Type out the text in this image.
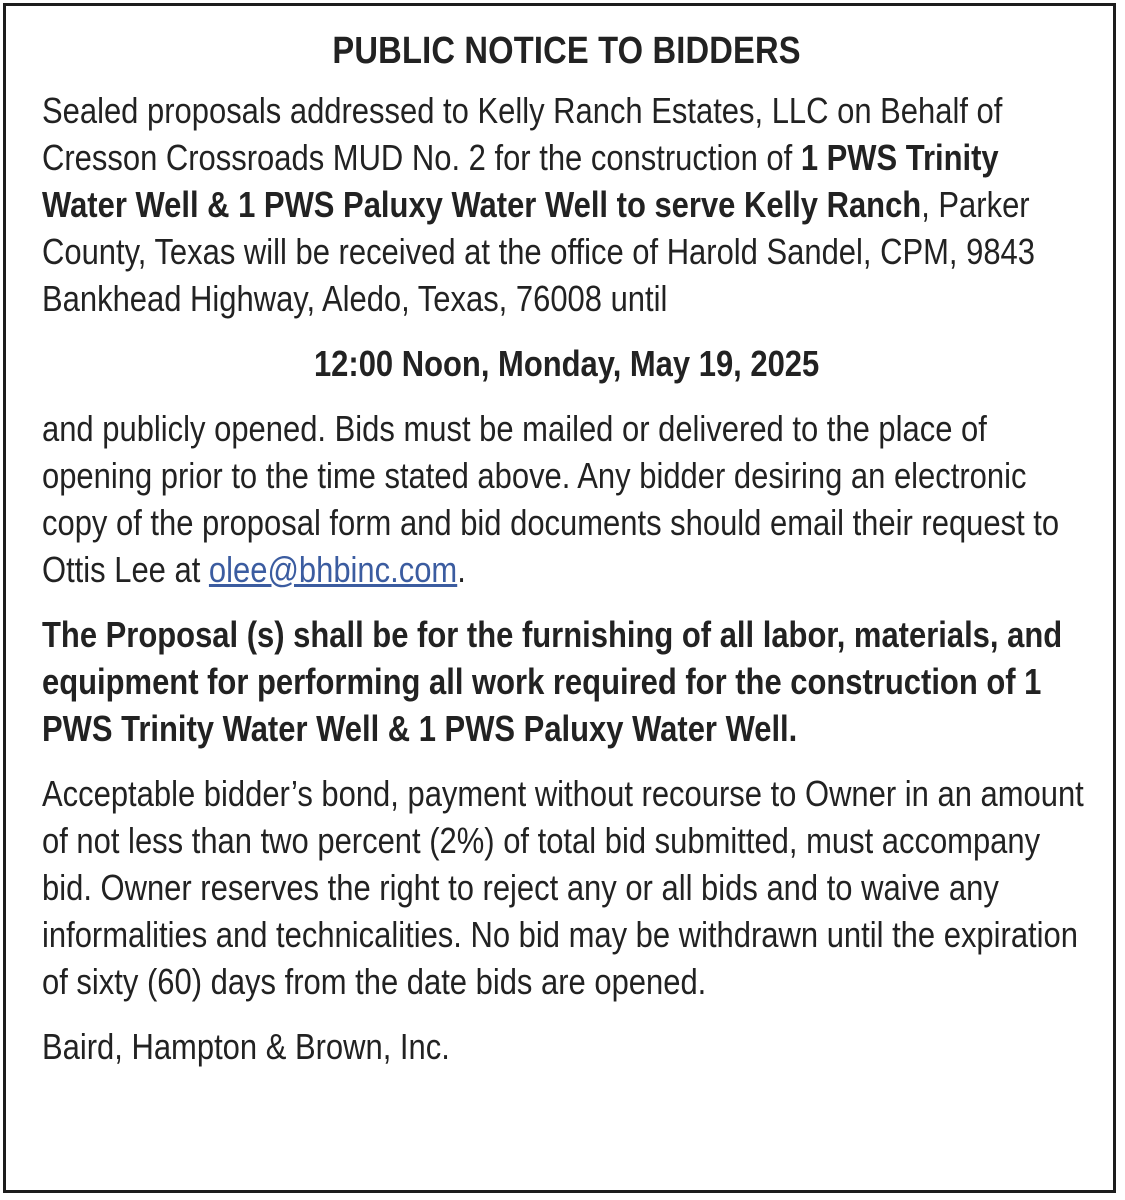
PUBLIC NOTICE TO BIDDERS

Sealed proposals addressed to Kelly Ranch Estates, LLC on Behalf of Cresson Crossroads MUD No. 2 for the construction of 1 PWS Trinity Water Well & 1 PWS Paluxy Water Well to serve Kelly Ranch, Parker County, Texas will be received at the office of Harold Sandel, CPM, 9843 Bankhead Highway, Aledo, Texas, 76008 until

12:00 Noon, Monday, May 19, 2025

and publicly opened. Bids must be mailed or delivered to the place of opening prior to the time stated above. Any bidder desiring an electronic copy of the proposal form and bid documents should email their request to Ottis Lee at olee@bhbinc.com.

The Proposal (s) shall be for the furnishing of all labor, materials, and equipment for performing all work required for the construction of 1 PWS Trinity Water Well & 1 PWS Paluxy Water Well.

Acceptable bidder’s bond, payment without recourse to Owner in an amount of not less than two percent (2%) of total bid submitted, must accompany bid. Owner reserves the right to reject any or all bids and to waive any informalities and technicalities. No bid may be withdrawn until the expiration of sixty (60) days from the date bids are opened.

Baird, Hampton & Brown, Inc.
